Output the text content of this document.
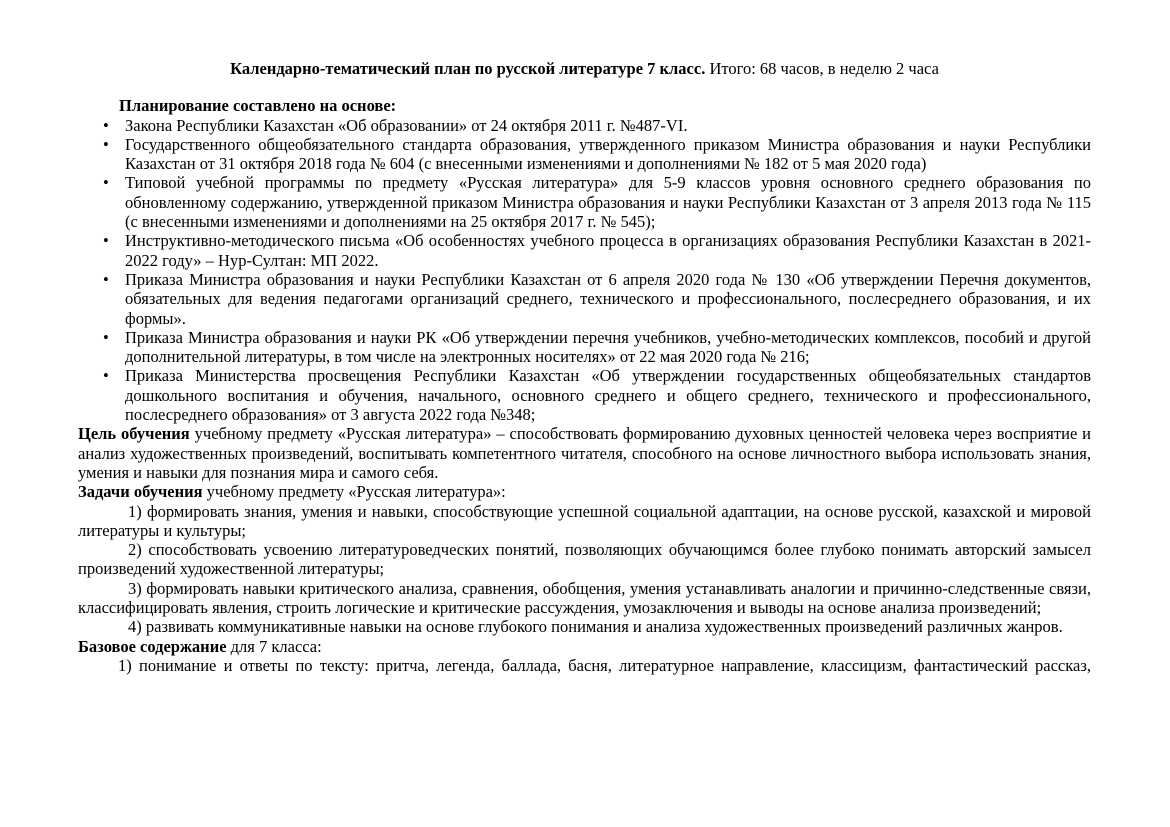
Календарно-тематический план по русской литературе 7 класс. Итого: 68 часов, в неделю 2 часа

Планирование составлено на основе:

• Закона Республики Казахстан «Об образовании» от 24 октября 2011 г. №487-VI.
• Государственного общеобязательного стандарта образования, утвержденного приказом Министра образования и науки Республики Казахстан от 31 октября 2018 года № 604 (с внесенными изменениями и дополнениями № 182 от 5 мая 2020 года)
• Типовой учебной программы по предмету «Русская литература» для 5-9 классов уровня основного среднего образования по обновленному содержанию, утвержденной приказом Министра образования и науки Республики Казахстан от 3 апреля 2013 года № 115 (с внесенными изменениями и дополнениями на 25 октября 2017 г. № 545);
• Инструктивно-методического письма «Об особенностях учебного процесса в организациях образования Республики Казахстан в 2021-2022 году» – Нур-Султан: МП 2022.
• Приказа Министра образования и науки Республики Казахстан от 6 апреля 2020 года № 130 «Об утверждении Перечня документов, обязательных для ведения педагогами организаций среднего, технического и профессионального, послесреднего образования, и их формы».
• Приказа Министра образования и науки РК «Об утверждении перечня учебников, учебно-методических комплексов, пособий и другой дополнительной литературы, в том числе на электронных носителях» от 22 мая 2020 года № 216;
• Приказа Министерства просвещения Республики Казахстан «Об утверждении государственных общеобязательных стандартов дошкольного воспитания и обучения, начального, основного среднего и общего среднего, технического и профессионального, послесреднего образования» от 3 августа 2022 года №348;

Цель обучения учебному предмету «Русская литература» – способствовать формированию духовных ценностей человека через восприятие и анализ художественных произведений, воспитывать компетентного читателя, способного на основе личностного выбора использовать знания, умения и навыки для познания мира и самого себя.

Задачи обучения учебному предмету «Русская литература»:

1) формировать знания, умения и навыки, способствующие успешной социальной адаптации, на основе русской, казахской и мировой литературы и культуры;

2) способствовать усвоению литературоведческих понятий, позволяющих обучающимся более глубоко понимать авторский замысел произведений художественной литературы;

3) формировать навыки критического анализа, сравнения, обобщения, умения устанавливать аналогии и причинно-следственные связи, классифицировать явления, строить логические и критические рассуждения, умозаключения и выводы на основе анализа произведений;

4) развивать коммуникативные навыки на основе глубокого понимания и анализа художественных произведений различных жанров.

Базовое содержание для 7 класса:

1) понимание и ответы по тексту: притча, легенда, баллада, басня, литературное направление, классицизм, фантастический рассказ,
